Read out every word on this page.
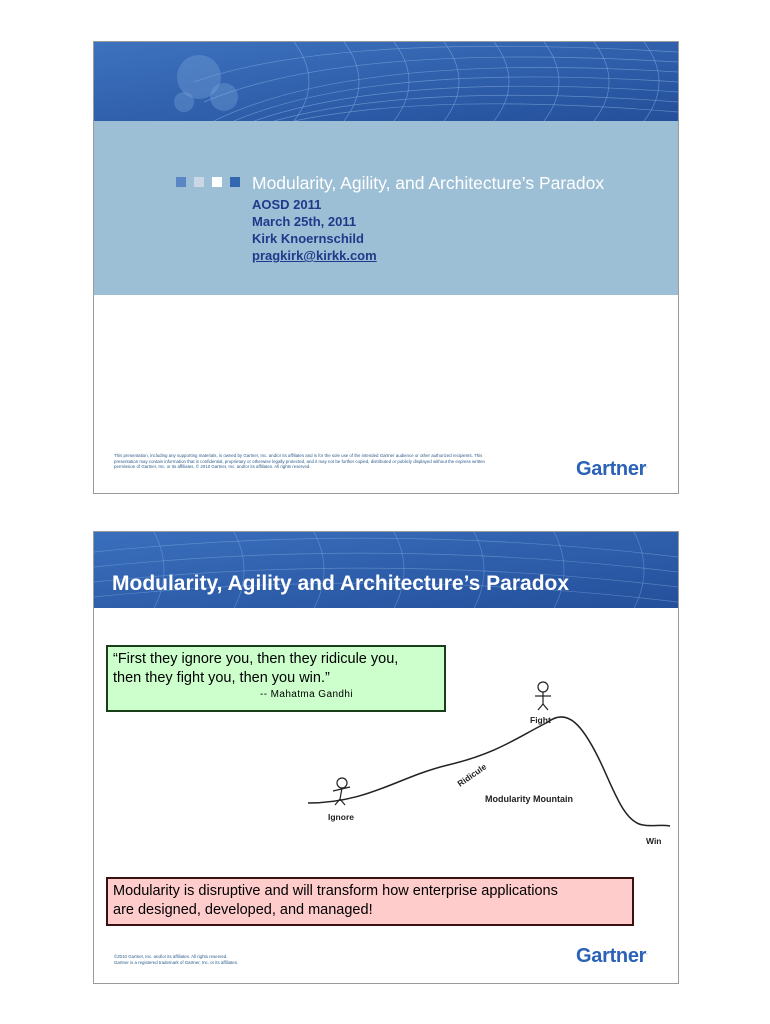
Modularity, Agility, and Architecture’s Paradox
AOSD 2011
March 25th, 2011
Kirk Knoernschild
pragkirk@kirkk.com
This presentation, including any supporting materials, is owned by Gartner, Inc. and/or its affiliates and is for the sole use of the intended Gartner audience or other authorized recipients. This presentation may contain information that is confidential, proprietary or otherwise legally protected, and it may not be further copied, distributed or publicly displayed without the express written permission of Gartner, Inc. or its affiliates. © 2010 Gartner, Inc. and/or its affiliates. All rights reserved.	Gartner.
Modularity, Agility and Architecture’s Paradox
“First they ignore you, then they ridicule you,
then they fight you, then you win.”
-- Mahatma Gandhi
Ignore
Ridicule
Fight
Modularity Mountain
Win
Modularity is disruptive and will transform how enterprise applications
are designed, developed, and managed!
©2010 Gartner, Inc. and/or its affiliates. All rights reserved.
Gartner is a registered trademark of Gartner, Inc. or its affiliates.	Gartner.
